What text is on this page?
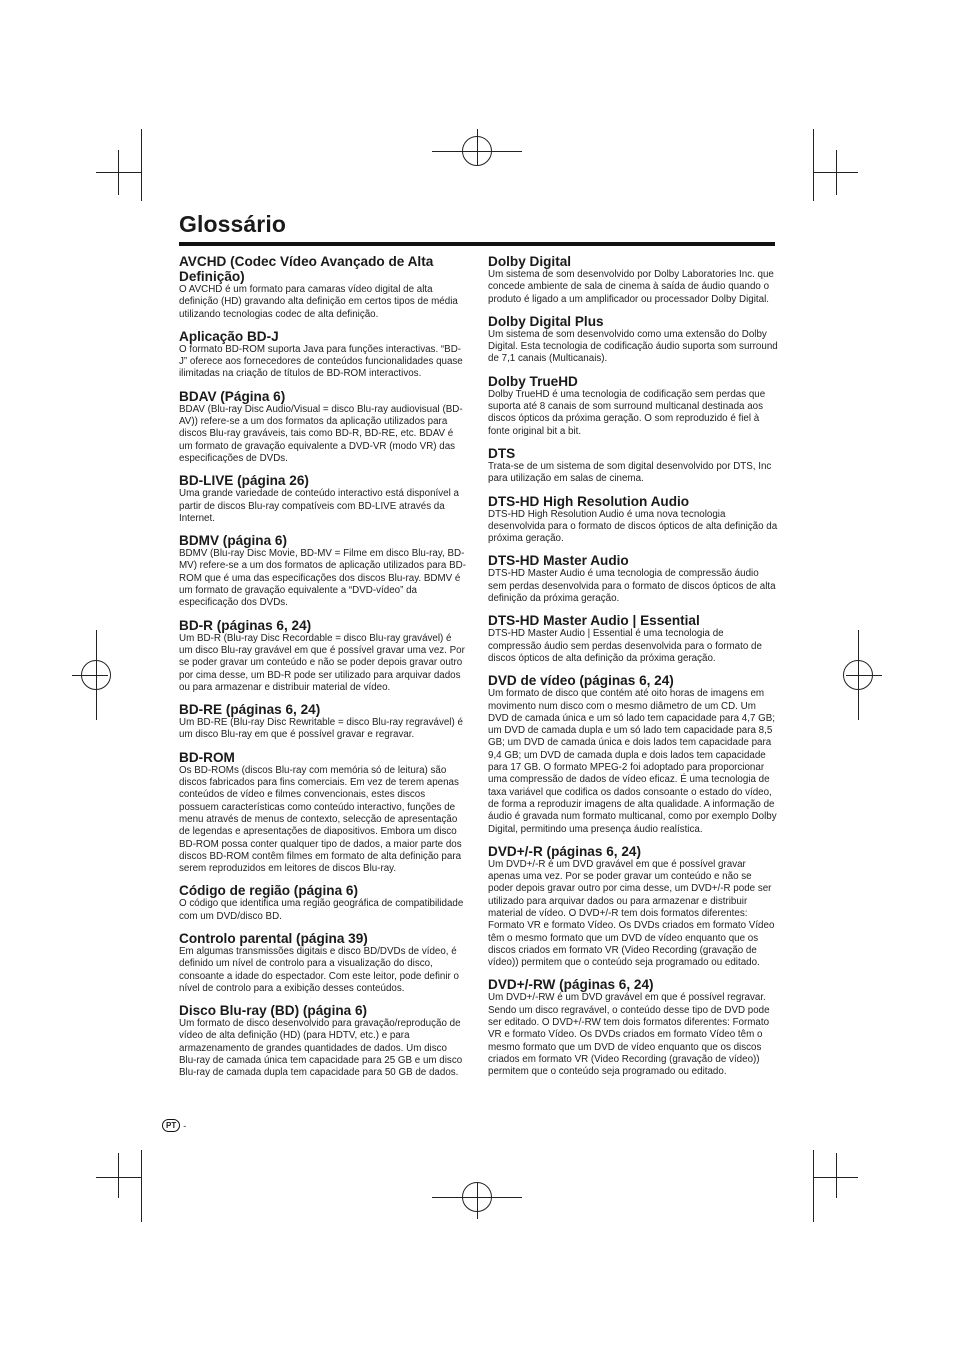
Glossário

AVCHD (Codec Vídeo Avançado de Alta Definição)

O AVCHD é um formato para camaras vídeo digital de alta definição (HD) gravando alta definição em certos tipos de média utilizando tecnologias codec de alta definição.

Aplicação BD-J

O formato BD-ROM suporta Java para funções interactivas. “BD-J” oferece aos fornecedores de conteúdos funcionalidades quase ilimitadas na criação de títulos de BD-ROM interactivos.

BDAV (Página 6)

BDAV (Blu-ray Disc Audio/Visual = disco Blu-ray audiovisual (BD-AV)) refere-se a um dos formatos da aplicação utilizados para discos Blu-ray graváveis, tais como BD-R, BD-RE, etc. BDAV é um formato de gravação equivalente a DVD-VR (modo VR) das especificações de DVDs.

BD-LIVE (página 26)

Uma grande variedade de conteúdo interactivo está disponível a partir de discos Blu-ray compatíveis com BD-LIVE através da Internet.

BDMV (página 6)

BDMV (Blu-ray Disc Movie, BD-MV = Filme em disco Blu-ray, BD-MV) refere-se a um dos formatos de aplicação utilizados para BD-ROM que é uma das especificações dos discos Blu-ray. BDMV é um formato de gravação equivalente a “DVD-vídeo” da especificação dos DVDs.

BD-R (páginas 6, 24)

Um BD-R (Blu-ray Disc Recordable = disco Blu-ray gravável) é um disco Blu-ray gravável em que é possível gravar uma vez. Por se poder gravar um conteúdo e não se poder depois gravar outro por cima desse, um BD-R pode ser utilizado para arquivar dados ou para armazenar e distribuir material de vídeo.

BD-RE (páginas 6, 24)

Um BD-RE (Blu-ray Disc Rewritable = disco Blu-ray regravável) é um disco Blu-ray em que é possível gravar e regravar.

BD-ROM

Os BD-ROMs (discos Blu-ray com memória só de leitura) são discos fabricados para fins comerciais. Em vez de terem apenas conteúdos de vídeo e filmes convencionais, estes discos possuem características como conteúdo interactivo, funções de menu através de menus de contexto, selecção de apresentação de legendas e apresentações de diapositivos. Embora um disco BD-ROM possa conter qualquer tipo de dados, a maior parte dos discos BD-ROM contêm filmes em formato de alta definição para serem reproduzidos em leitores de discos Blu-ray.

Código de região (página 6)

O código que identifica uma região geográfica de compatibilidade com um DVD/disco BD.

Controlo parental (página 39)

Em algumas transmissões digitais e disco BD/DVDs de vídeo, é definido um nível de controlo para a visualização do disco, consoante a idade do espectador. Com este leitor, pode definir o nível de controlo para a exibição desses conteúdos.

Disco Blu-ray (BD) (página 6)

Um formato de disco desenvolvido para gravação/reprodução de vídeo de alta definição (HD) (para HDTV, etc.) e para armazenamento de grandes quantidades de dados. Um disco Blu-ray de camada única tem capacidade para 25 GB e um disco Blu-ray de camada dupla tem capacidade para 50 GB de dados.

Dolby Digital

Um sistema de som desenvolvido por Dolby Laboratories Inc. que concede ambiente de sala de cinema à saída de áudio quando o produto é ligado a um amplificador ou processador Dolby Digital.

Dolby Digital Plus

Um sistema de som desenvolvido como uma extensão do Dolby Digital. Esta tecnologia de codificação áudio suporta som surround de 7,1 canais (Multicanais).

Dolby TrueHD

Dolby TrueHD é uma tecnologia de codificação sem perdas que suporta até 8 canais de som surround multicanal destinada aos discos ópticos da próxima geração. O som reproduzido é fiel à fonte original bit a bit.

DTS

Trata-se de um sistema de som digital desenvolvido por DTS, Inc para utilização em salas de cinema.

DTS-HD High Resolution Audio

DTS-HD High Resolution Audio é uma nova tecnologia desenvolvida para o formato de discos ópticos de alta definição da próxima geração.

DTS-HD Master Audio

DTS-HD Master Audio é uma tecnologia de compressão áudio sem perdas desenvolvida para o formato de discos ópticos de alta definição da próxima geração.

DTS-HD Master Audio | Essential

DTS-HD Master Audio | Essential é uma tecnologia de compressão áudio sem perdas desenvolvida para o formato de discos ópticos de alta definição da próxima geração.

DVD de vídeo (páginas 6, 24)

Um formato de disco que contém até oito horas de imagens em movimento num disco com o mesmo diâmetro de um CD. Um DVD de camada única e um só lado tem capacidade para 4,7 GB; um DVD de camada dupla e um só lado tem capacidade para 8,5 GB; um DVD de camada única e dois lados tem capacidade para 9,4 GB; um DVD de camada dupla e dois lados tem capacidade para 17 GB. O formato MPEG-2 foi adoptado para proporcionar uma compressão de dados de vídeo eficaz. É uma tecnologia de taxa variável que codifica os dados consoante o estado do vídeo, de forma a reproduzir imagens de alta qualidade. A informação de áudio é gravada num formato multicanal, como por exemplo Dolby Digital, permitindo uma presença áudio realística.

DVD+/-R (páginas 6, 24)

Um DVD+/-R é um DVD gravável em que é possível gravar apenas uma vez. Por se poder gravar um conteúdo e não se poder depois gravar outro por cima desse, um DVD+/-R pode ser utilizado para arquivar dados ou para armazenar e distribuir material de vídeo. O DVD+/-R tem dois formatos diferentes: Formato VR e formato Vídeo. Os DVDs criados em formato Vídeo têm o mesmo formato que um DVD de vídeo enquanto que os discos criados em formato VR (Video Recording (gravação de vídeo)) permitem que o conteúdo seja programado ou editado.

DVD+/-RW (páginas 6, 24)

Um DVD+/-RW é um DVD gravável em que é possível regravar. Sendo um disco regravável, o conteúdo desse tipo de DVD pode ser editado. O DVD+/-RW tem dois formatos diferentes: Formato VR e formato Vídeo. Os DVDs criados em formato Vídeo têm o mesmo formato que um DVD de vídeo enquanto que os discos criados em formato VR (Video Recording (gravação de vídeo)) permitem que o conteúdo seja programado ou editado.

PT -
